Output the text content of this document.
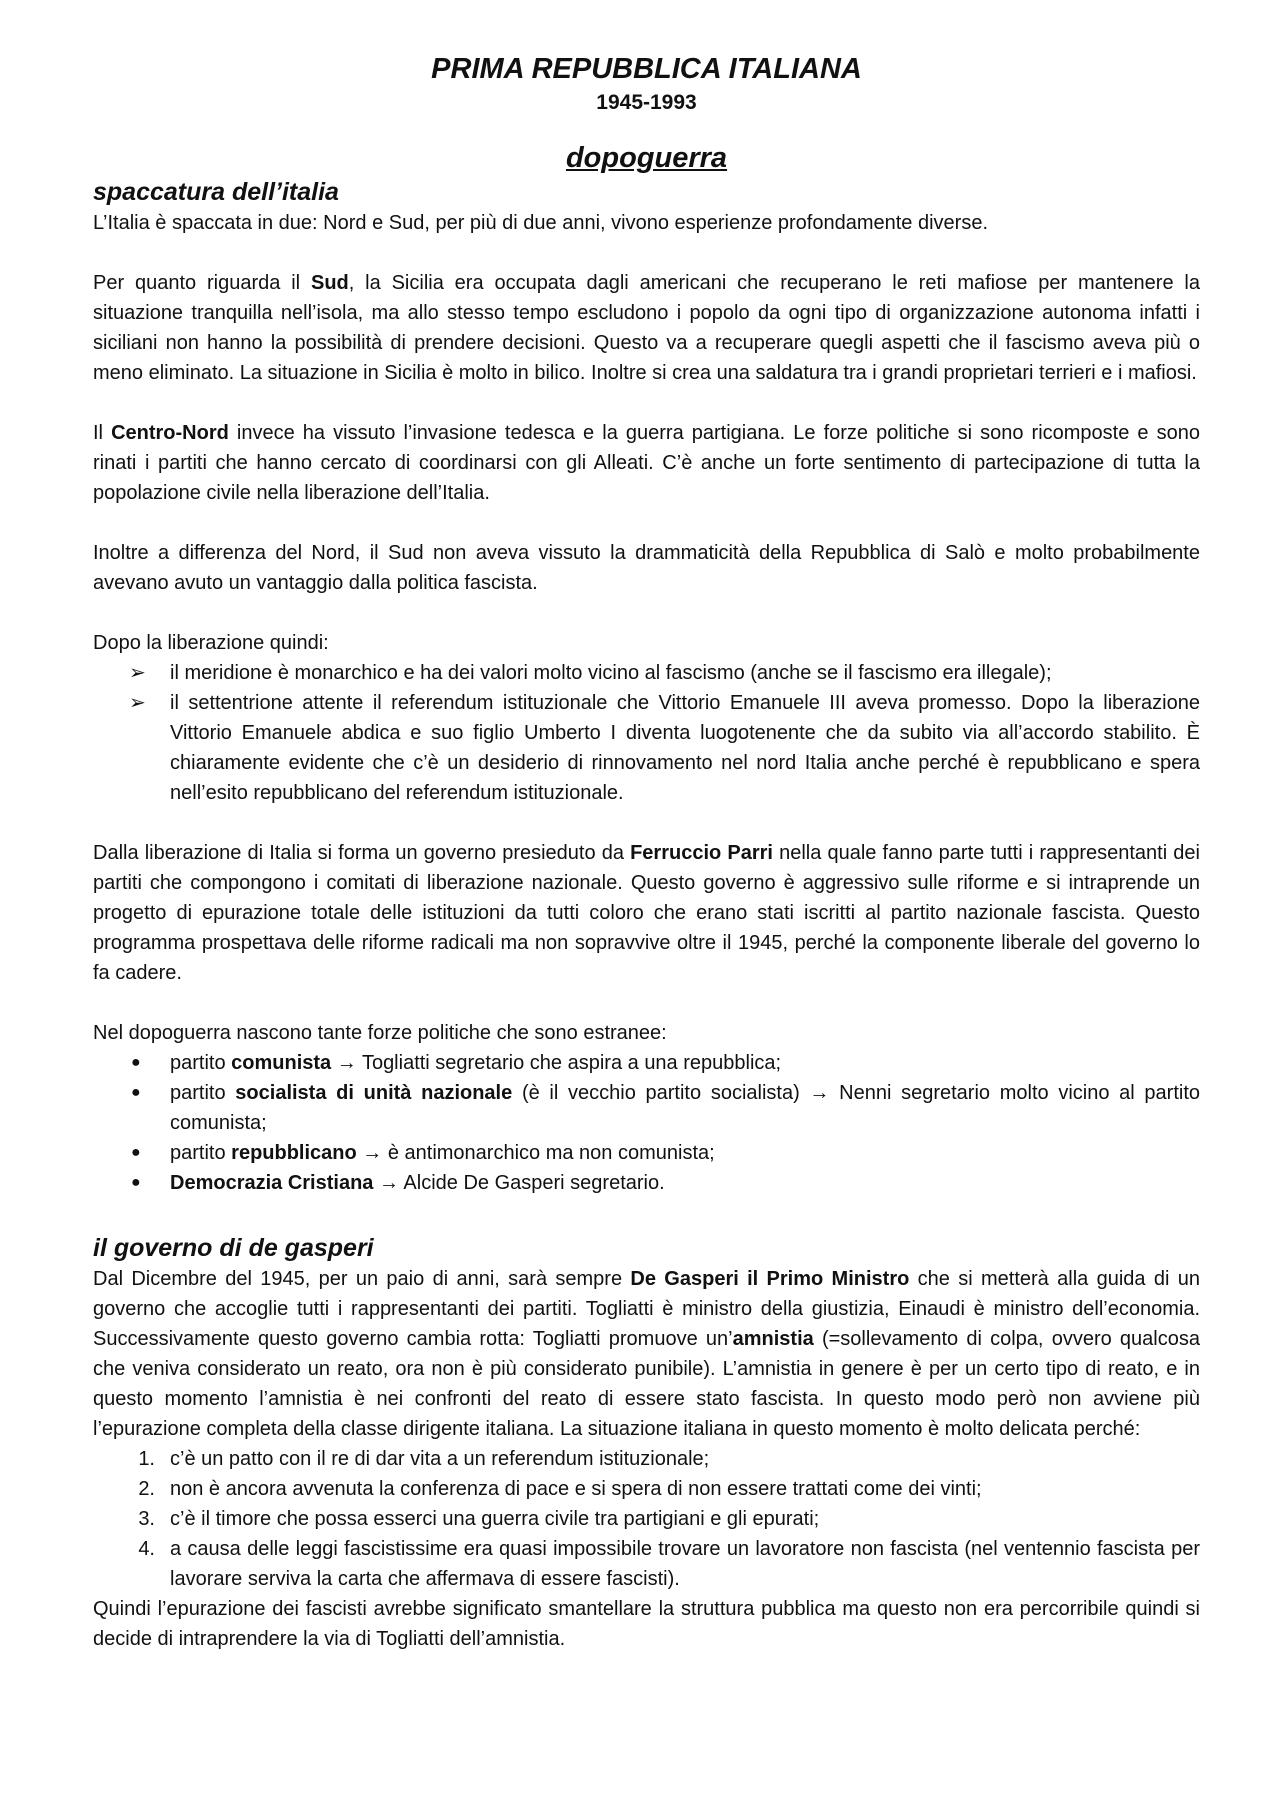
PRIMA REPUBBLICA ITALIANA
1945-1993
dopoguerra
spaccatura dell’italia

L’Italia è spaccata in due: Nord e Sud, per più di due anni, vivono esperienze profondamente diverse.

Per quanto riguarda il Sud, la Sicilia era occupata dagli americani che recuperano le reti mafiose per mantenere la situazione tranquilla nell’isola, ma allo stesso tempo escludono i popolo da ogni tipo di organizzazione autonoma infatti i siciliani non hanno la possibilità di prendere decisioni. Questo va a recuperare quegli aspetti che il fascismo aveva più o meno eliminato. La situazione in Sicilia è molto in bilico. Inoltre si crea una saldatura tra i grandi proprietari terrieri e i mafiosi.

Il Centro-Nord invece ha vissuto l’invasione tedesca e la guerra partigiana. Le forze politiche si sono ricomposte e sono rinati i partiti che hanno cercato di coordinarsi con gli Alleati. C’è anche un forte sentimento di partecipazione di tutta la popolazione civile nella liberazione dell’Italia.

Inoltre a differenza del Nord, il Sud non aveva vissuto la drammaticità della Repubblica di Salò e molto probabilmente avevano avuto un vantaggio dalla politica fascista.

Dopo la liberazione quindi:

➢ il meridione è monarchico e ha dei valori molto vicino al fascismo (anche se il fascismo era illegale);
➢ il settentrione attente il referendum istituzionale che Vittorio Emanuele III aveva promesso. Dopo la liberazione Vittorio Emanuele abdica e suo figlio Umberto I diventa luogotenente che da subito via all’accordo stabilito. È chiaramente evidente che c’è un desiderio di rinnovamento nel nord Italia anche perché è repubblicano e spera nell’esito repubblicano del referendum istituzionale.

Dalla liberazione di Italia si forma un governo presieduto da Ferruccio Parri nella quale fanno parte tutti i rappresentanti dei partiti che compongono i comitati di liberazione nazionale. Questo governo è aggressivo sulle riforme e si intraprende un progetto di epurazione totale delle istituzioni da tutti coloro che erano stati iscritti al partito nazionale fascista. Questo programma prospettava delle riforme radicali ma non sopravvive oltre il 1945, perché la componente liberale del governo lo fa cadere.

Nel dopoguerra nascono tante forze politiche che sono estranee:

● partito comunista → Togliatti segretario che aspira a una repubblica;
● partito socialista di unità nazionale (è il vecchio partito socialista) → Nenni segretario molto vicino al partito comunista;
● partito repubblicano → è antimonarchico ma non comunista;
● Democrazia Cristiana → Alcide De Gasperi segretario.
il governo di de gasperi

Dal Dicembre del 1945, per un paio di anni, sarà sempre De Gasperi il Primo Ministro che si metterà alla guida di un governo che accoglie tutti i rappresentanti dei partiti. Togliatti è ministro della giustizia, Einaudi è ministro dell’economia. Successivamente questo governo cambia rotta: Togliatti promuove un’amnistia (=sollevamento di colpa, ovvero qualcosa che veniva considerato un reato, ora non è più considerato punibile). L’amnistia in genere è per un certo tipo di reato, e in questo momento l’amnistia è nei confronti del reato di essere stato fascista. In questo modo però non avviene più l’epurazione completa della classe dirigente italiana. La situazione italiana in questo momento è molto delicata perché:

1. c’è un patto con il re di dar vita a un referendum istituzionale;
2. non è ancora avvenuta la conferenza di pace e si spera di non essere trattati come dei vinti;
3. c’è il timore che possa esserci una guerra civile tra partigiani e gli epurati;
4. a causa delle leggi fascistissime era quasi impossibile trovare un lavoratore non fascista (nel ventennio fascista per lavorare serviva la carta che affermava di essere fascisti).

Quindi l’epurazione dei fascisti avrebbe significato smantellare la struttura pubblica ma questo non era percorribile quindi si decide di intraprendere la via di Togliatti dell’amnistia.
